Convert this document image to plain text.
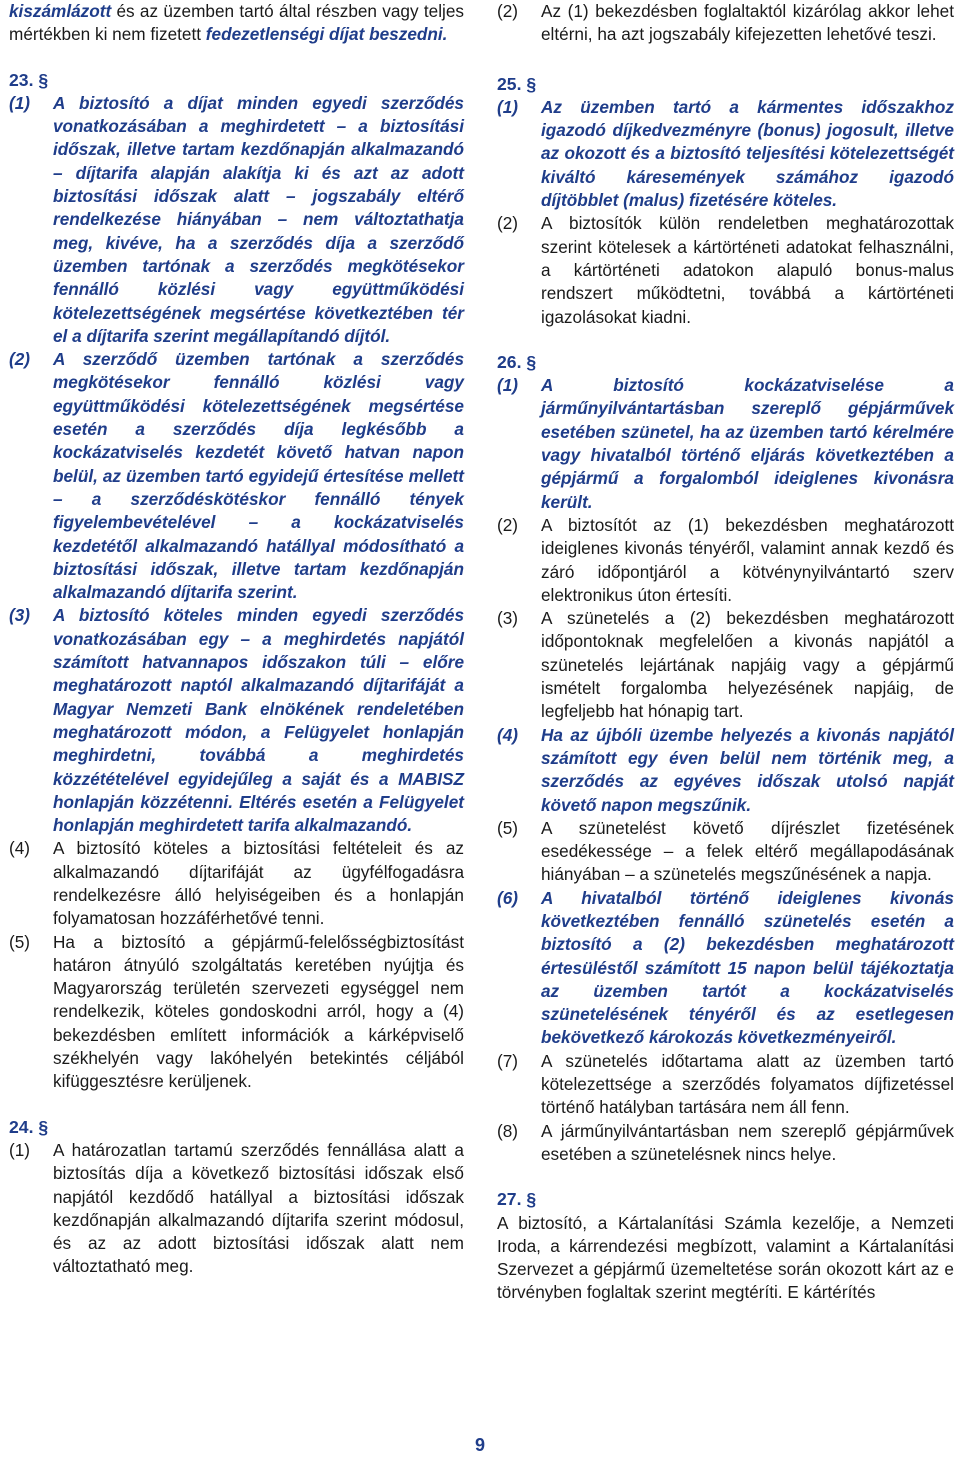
kiszámlázott és az üzemben tartó által részben vagy teljes mértékben ki nem fizetett fedezetlenségi díjat beszedni.

23. §
(1)	A biztosító a díjat minden egyedi szerződés vonatkozásában a meghirdetett – a biztosítási időszak, illetve tartam kezdőnapján alkalmazandó – díjtarifa alapján alakítja ki és azt az adott biztosítási időszak alatt – jogszabály eltérő rendelkezése hiányában – nem változtathatja meg, kivéve, ha a szerződés díja a szerződő üzemben tartónak a szerződés megkötésekor fennálló közlési vagy együttműködési kötelezettségének megsértése következtében tér el a díjtarifa szerint megállapítandó díjtól.
(2)	A szerződő üzemben tartónak a szerződés megkötésekor fennálló közlési vagy együttműködési kötelezettségének megsértése esetén a szerződés díja legkésőbb a kockázatviselés kezdetét követő hatvan napon belül, az üzemben tartó egyidejű értesítése mellett – a szerződéskötéskor fennálló tények figyelembevételével – a kockázatviselés kezdetétől alkalmazandó hatállyal módosítható a biztosítási időszak, illetve tartam kezdőnapján alkalmazandó díjtarifa szerint.
(3)	A biztosító köteles minden egyedi szerződés vonatkozásában egy – a meghirdetés napjától számított hatvannapos időszakon túli – előre meghatározott naptól alkalmazandó díjtarifáját a Magyar Nemzeti Bank elnökének rendeletében meghatározott módon, a Felügyelet honlapján meghirdetni, továbbá a meghirdetés közzétételével egyidejűleg a saját és a MABISZ honlapján közzétenni. Eltérés esetén a Felügyelet honlapján meghirdetett tarifa alkalmazandó.
(4)	A biztosító köteles a biztosítási feltételeit és az alkalmazandó díjtarifáját az ügyfélfogadásra rendelkezésre álló helyiségeiben és a honlapján folyamatosan hozzáférhetővé tenni.
(5)	Ha a biztosító a gépjármű-felelősségbiztosítást határon átnyúló szolgáltatás keretében nyújtja és Magyarország területén szervezeti egységgel nem rendelkezik, köteles gondoskodni arról, hogy a (4) bekezdésben említett információk a kárképviselő székhelyén vagy lakóhelyén betekintés céljából kifüggesztésre kerüljenek.
24. §
(1)	A határozatlan tartamú szerződés fennállása alatt a biztosítás díja a következő biztosítási időszak első napjától kezdődő hatállyal a biztosítási időszak kezdőnapján alkalmazandó díjtarifa szerint módosul, és az az adott biztosítási időszak alatt nem változtatható meg.
(2)	Az (1) bekezdésben foglaltaktól kizárólag akkor lehet eltérni, ha azt jogszabály kifejezetten lehetővé teszi.
25. §
(1)	Az üzemben tartó a kármentes időszakhoz igazodó díjkedvezményre (bonus) jogosult, illetve az okozott és a biztosító teljesítési kötelezettségét kiváltó káresemények számához igazodó díjtöbblet (malus) fizetésére köteles.
(2)	A biztosítók külön rendeletben meghatározottak szerint kötelesek a kártörténeti adatokat felhasználni, a kártörténeti adatokon alapuló bonus-malus rendszert működtetni, továbbá a kártörténeti igazolásokat kiadni.
26. §
(1)	A biztosító kockázatviselése a járműnyilvántartásban szereplő gépjárművek esetében szünetel, ha az üzemben tartó kérelmére vagy hivatalból történő eljárás következtében a gépjármű a forgalomból ideiglenes kivonásra került.
(2)	A biztosítót az (1) bekezdésben meghatározott ideiglenes kivonás tényéről, valamint annak kezdő és záró időpontjáról a kötvénynyilvántartó szerv elektronikus úton értesíti.
(3)	A szünetelés a (2) bekezdésben meghatározott időpontoknak megfelelően a kivonás napjától a szünetelés lejártának napjáig vagy a gépjármű ismételt forgalomba helyezésének napjáig, de legfeljebb hat hónapig tart.
(4)	Ha az újbóli üzembe helyezés a kivonás napjától számított egy éven belül nem történik meg, a szerződés az egyéves időszak utolsó napját követő napon megszűnik.
(5)	A szünetelést követő díjrészlet fizetésének esedékessége – a felek eltérő megállapodásának hiányában – a szünetelés megszűnésének a napja.
(6)	A hivatalból történő ideiglenes kivonás következtében fennálló szünetelés esetén a biztosító a (2) bekezdésben meghatározott értesüléstől számított 15 napon belül tájékoztatja az üzemben tartót a kockázatviselés szünetelésének tényéről és az esetlegesen bekövetkező károkozás következményeiről.
(7)	A szünetelés időtartama alatt az üzemben tartó kötelezettsége a szerződés folyamatos díjfizetéssel történő hatályban tartására nem áll fenn.
(8)	A járműnyilvántartásban nem szereplő gépjárművek esetében a szünetelésnek nincs helye.
27. §

A biztosító, a Kártalanítási Számla kezelője, a Nemzeti Iroda, a kárrendezési megbízott, valamint a Kártalanítási Szervezet a gépjármű üzemeltetése során okozott kárt az e törvényben foglaltak szerint megtéríti. E kártérítés

9
